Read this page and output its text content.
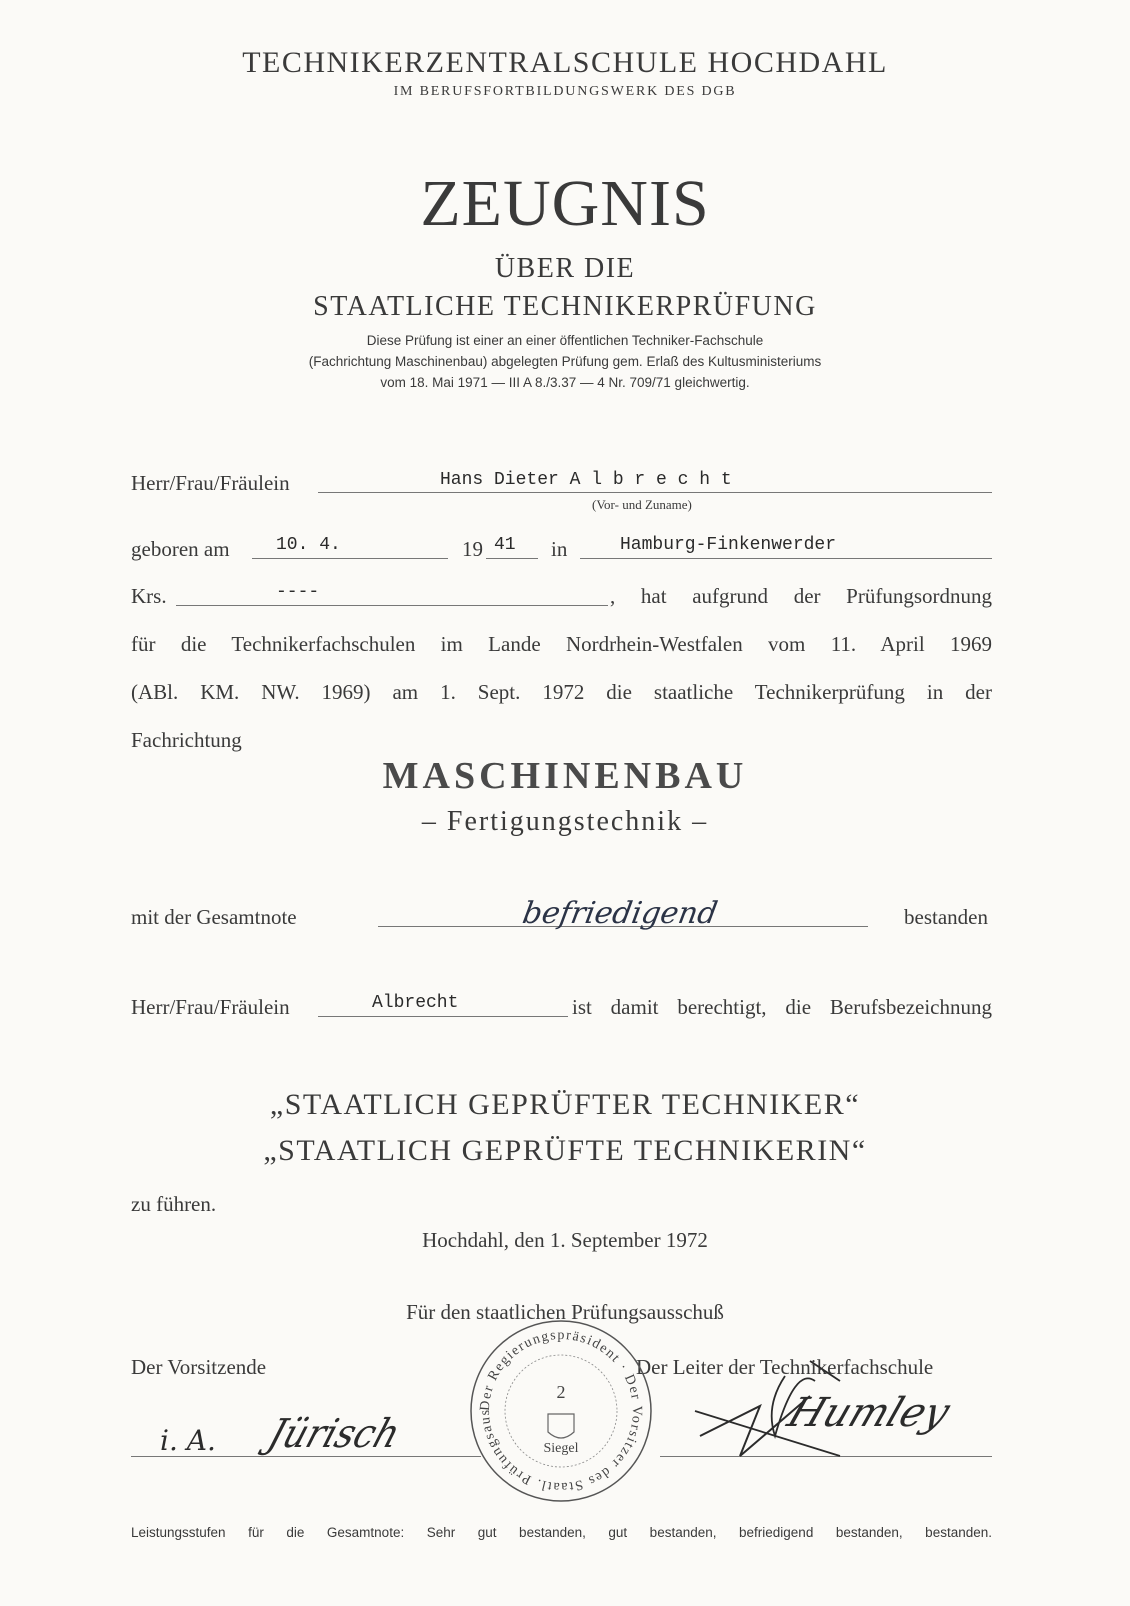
TECHNIKERZENTRALSCHULE HOCHDAHL
IM BERUFSFORTBILDUNGSWERK DES DGB
ZEUGNIS
ÜBER DIE
STAATLICHE TECHNIKERPRÜFUNG
Diese Prüfung ist einer an einer öffentlichen Techniker-Fachschule
(Fachrichtung Maschinenbau) abgelegten Prüfung gem. Erlaß des Kultusministeriums
vom 18. Mai 1971 — III A 8./3.37 — 4 Nr. 709/71 gleichwertig.
Herr/Frau/Fräulein	Hans Dieter A l b r e c h t
(Vor- und Zuname)
geboren am	10. 4.	19 41 in	Hamburg-Finkenwerder
Krs.	----	, hat aufgrund der Prüfungsordnung
für die Technikerfachschulen im Lande Nordrhein-Westfalen vom 11. April 1969
(ABl. KM. NW. 1969) am 1. Sept. 1972 die staatliche Technikerprüfung in der
Fachrichtung
MASCHINENBAU
– Fertigungstechnik –
mit der Gesamtnote	befriedigend	bestanden
Herr/Frau/Fräulein	Albrecht	ist damit berechtigt, die Berufsbezeichnung
„STAATLICH GEPRÜFTER TECHNIKER“
„STAATLICH GEPRÜFTE TECHNIKERIN“
zu führen.
Hochdahl, den 1. September 1972
Für den staatlichen Prüfungsausschuß
Der Vorsitzende	Der Leiter der Technikerfachschule
i. A. Jürisch
Der Regierungspräsident · Der Vorsitzer des Staatl. Prüfungsaus
2
Siegel
Humley
Leistungsstufen für die Gesamtnote: Sehr gut bestanden, gut bestanden, befriedigend bestanden, bestanden.
